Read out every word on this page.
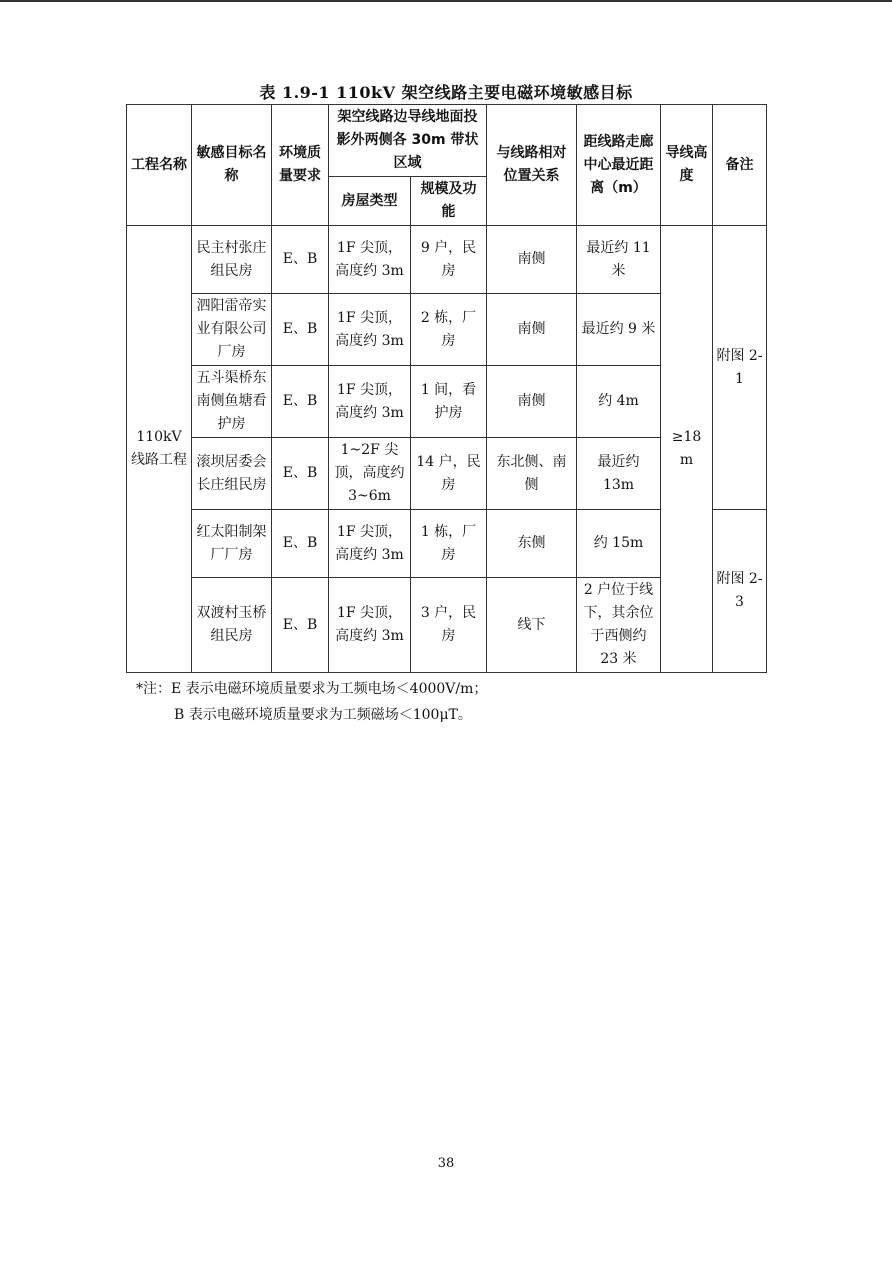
表 1.9-1 110kV 架空线路主要电磁环境敏感目标
工程名称	敏感目标名称	环境质量要求	架空线路边导线地面投影外两侧各 30m 带状区域		与线路相对位置关系	距线路走廊中心最近距离（m）	导线高度	备注
			房屋类型	规模及功能				
110kV 线路工程	民主村张庄组民房	E、B	1F 尖顶，高度约 3m	9 户，民房	南侧	最近约 11 米	≥18 m	附图 2-1
	泗阳雷帝实业有限公司厂房	E、B	1F 尖顶，高度约 3m	2 栋，厂房	南侧	最近约 9 米		
	五斗渠桥东南侧鱼塘看护房	E、B	1F 尖顶，高度约 3m	1 间，看护房	南侧	约 4m		
	滚坝居委会长庄组民房	E、B	1~2F 尖顶，高度约 3~6m	14 户，民房	东北侧、南侧	最近约 13m		
	红太阳制架厂厂房	E、B	1F 尖顶，高度约 3m	1 栋，厂房	东侧	约 15m		附图 2-3
	双渡村玉桥组民房	E、B	1F 尖顶，高度约 3m	3 户，民房	线下	2 户位于线下，其余位于西侧约 23 米		
*注：E 表示电磁环境质量要求为工频电场＜4000V/m；
B 表示电磁环境质量要求为工频磁场＜100μT。
38
